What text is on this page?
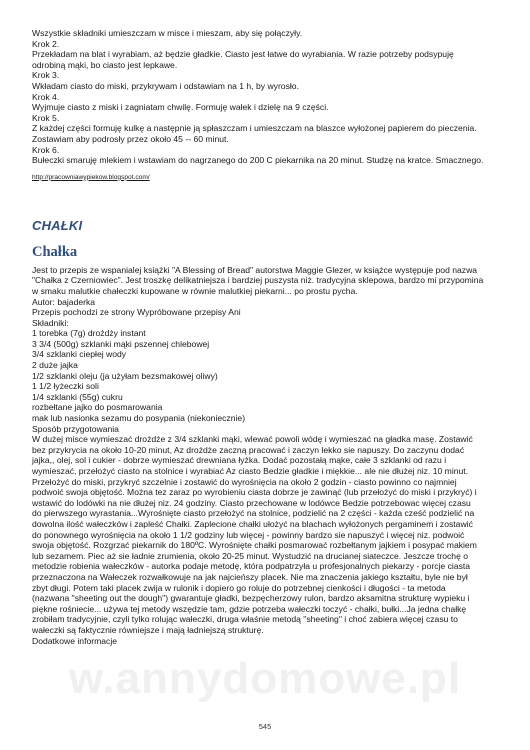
w.annydomowe.pl

Wszystkie składniki umieszczam w misce i mieszam, aby się połączyły.

Krok 2.

Przekładam na blat i wyrabiam, aż będzie gładkie. Ciasto jest łatwe do wyrabiania. W razie potrzeby podsypuję

odrobiną mąki, bo ciasto jest lepkawe.

Krok 3.

Wkładam ciasto do miski, przykrywam i odstawiam na 1 h, by wyrosło.

Krok 4.

Wyjmuje ciasto z miski i zagniatam chwilę. Formuję wałek i dzielę na 9 części.

Krok 5.

Z każdej części formuję kulkę a następnie ją spłaszczam i umieszczam na blaszce wyłożonej papierem do pieczenia.

Zostawiam aby podrosły przez około 45 -- 60 minut.

Krok 6.

Bułeczki smaruję mlekiem i wstawiam do nagrzanego do 200 C piekarnika na 20 minut. Studzę na kratce. Smacznego.

http://pracowniawypiekow.blogspot.com/
CHAŁKI
Chałka

Jest to przepis ze wspanialej książki "A Blessing of Bread" autorstwa Maggie Glezer, w książce występuje pod nazwa

"Chałka z Czerniowiec". Jest troszkę delikatniejsza i bardziej puszysta niż. tradycyjna sklepowa, bardzo mi przypomina

w smaku malutkie chałeczki kupowane w równie malutkiej piekarni... po prostu pycha.

Autor: bajaderka

Przepis pochodzi ze strony Wypróbowane przepisy Ani

Składniki:

1 torebka (7g) drożdży instant

3 3/4 (500g) szklanki mąki pszennej chlebowej

3/4 szklanki ciepłej wody

2 duże jajka

1/2 szklanki oleju (ja użyłam bezsmakowej oliwy)

1 1/2 łyżeczki soli

1/4 szklanki (55g) cukru

rozbełtane jajko do posmarowania

mak lub nasionka sezamu do posypania (niekoniecznie)

Sposób przygotowania

W dużej misce wymieszać drożdże z 3/4 szklanki mąki, wlewać powoli wódę i wymieszać na gładka masę. Zostawić

bez przykrycia na około 10-20 minut, Az drożdże zaczną pracować i zaczyn lekko sie napuszy. Do zaczynu dodać

jajka,, olej, sol i cukier - dobrze wymieszać drewniana łyżka. Dodać pozostałą mąke, całe 3 szklanki od razu i

wymieszać, przełożyć ciasto na stolnice i wyrabiać Az ciasto Bedzie gładkie i miękkie... ale nie dłużej niz. 10 minut.

Przełożyć do miski, przykryć szczelnie i zostawić do wyrośnięcia na około 2 godzin - ciasto powinno co najmniej

podwoić swoja objętość. Można tez zaraz po wyrobieniu ciasta dobrze je zawinąć (lub przełożyć do miski i przykryć) i

wstawić do lodówki na nie dłużej niz. 24 godziny. Ciasto przechowane w lodówce Bedzie potrzebowac więcej czasu

do pierwszego wyrastania...Wyrośnięte ciasto przełożyć na stolnice, podzielić na 2 części - każda cześć podzielić na

dowolna ilość wałeczków i zapleść Chałki. Zaplecione chałki ułożyć na blachach wyłożonych pergaminem i zostawić

do ponownego wyrośnięcia na około 1 1/2 godziny lub więcej - powinny bardzo sie napuszyć i więcej niz. podwoić

swoja objętość. Rozgrzać piekarnik do 180ºC. Wyrośnięte chałki posmarować rozbełtanym jajkiem i posypać makiem

lub sezamem. Piec aż sie ładnie zrumienia, około 20-25 minut. Wystudzić na drucianej siateczce. Jeszcze trochę o

metodzie robienia wałeczków - autorka podaje metodę, która podpatrzyła u profesjonalnych piekarzy - porcje ciasta

przeznaczona na Wałeczek rozwałkowuje na jak najcieńszy placek. Nie ma znaczenia jakiego kształtu, byle nie był

zbyt długi. Potem taki placek zwija w rulonik i dopiero go roluje do potrzebnej cienkości i długości - ta metoda

(nazwana "sheeting out the dough") gwarantuje gładki, bezpęcherzowy rulon, bardzo aksamitna strukturę wypieku i

piękne rośniecie... używa tej metody wszędzie tam, gdzie potrzeba wałeczki toczyć - chałki, bułki...Ja jedna chałkę

zrobiłam tradycyjnie, czyli tylko rolując wałeczki, druga właśnie metodą "sheeting" i choć zabiera więcej czasu to

wałeczki są faktycznie równiejsze i mają ładniejszą strukturę.

Dodatkowe informacje

545
